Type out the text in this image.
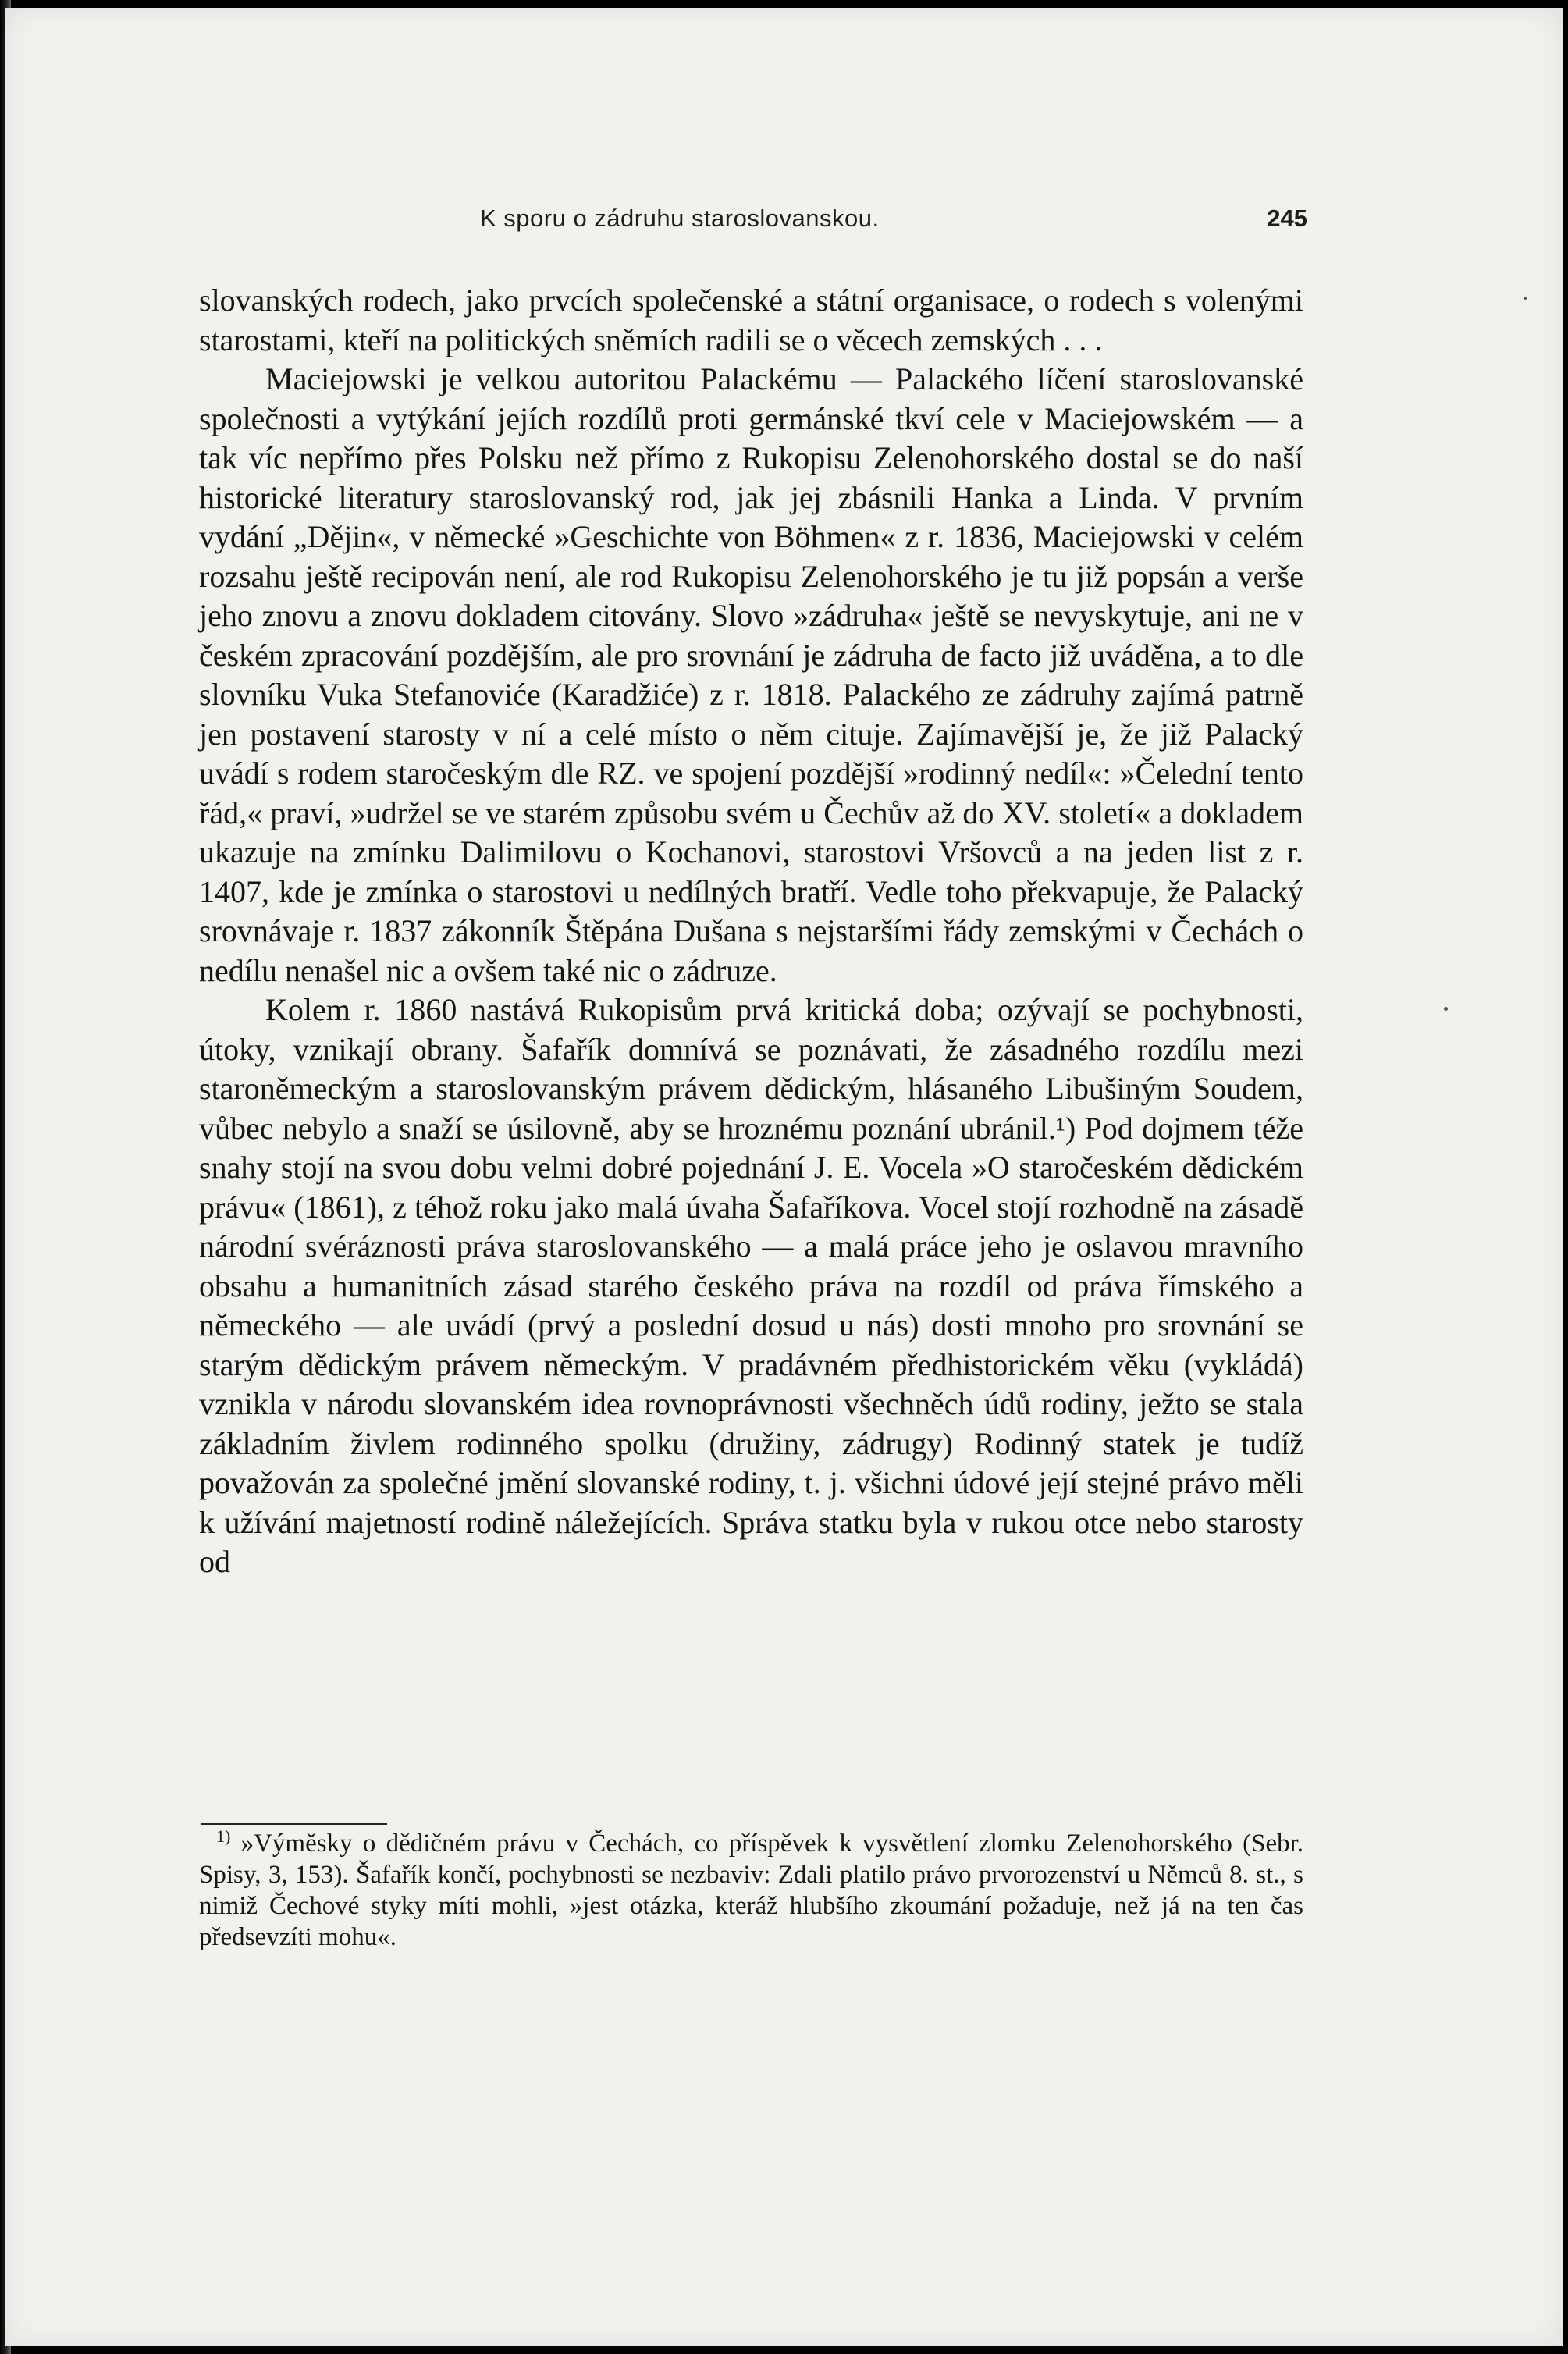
K sporu o zádruhu staroslovanskou.	245

slovanských rodech, jako prvcích společenské a státní organisace, o rodech s volenými starostami, kteří na politických sněmích radili se o věcech zemských . . .

Maciejowski je velkou autoritou Palackému — Palackého líčení staroslovanské společnosti a vytýkání jejích rozdílů proti germánské tkví cele v Maciejowském — a tak víc nepřímo přes Polsku než přímo z Rukopisu Zelenohorského dostal se do naší historické literatury staroslovanský rod, jak jej zbásnili Hanka a Linda. V prvním vydání „Dějin«, v německé »Geschichte von Böhmen« z r. 1836, Maciejowski v celém rozsahu ještě recipován není, ale rod Rukopisu Zelenohorského je tu již popsán a verše jeho znovu a znovu dokladem citovány. Slovo »zádruha« ještě se nevyskytuje, ani ne v českém zpracování pozdějším, ale pro srovnání je zádruha de facto již uváděna, a to dle slovníku Vuka Stefanoviće (Karadžiće) z r. 1818. Palackého ze zádruhy zajímá patrně jen postavení starosty v ní a celé místo o něm cituje. Zajímavější je, že již Palacký uvádí s rodem staročeským dle RZ. ve spojení pozdější »rodinný nedíl«: »Čelední tento řád,« praví, »udržel se ve starém způsobu svém u Čechův až do XV. století« a dokladem ukazuje na zmínku Dalimilovu o Kochanovi, starostovi Vršovců a na jeden list z r. 1407, kde je zmínka o starostovi u nedílných bratří. Vedle toho překvapuje, že Palacký srovnávaje r. 1837 zákonník Štěpána Dušana s nejstaršími řády zemskými v Čechách o nedílu nenašel nic a ovšem také nic o zádruze.

Kolem r. 1860 nastává Rukopisům prvá kritická doba; ozývají se pochybnosti, útoky, vznikají obrany. Šafařík domnívá se poznávati, že zásadného rozdílu mezi staroněmeckým a staroslovanským právem dědickým, hlásaného Libušiným Soudem, vůbec nebylo a snaží se úsilovně, aby se hroznému poznání ubránil.¹) Pod dojmem téže snahy stojí na svou dobu velmi dobré pojednání J. E. Vocela »O staročeském dědickém právu« (1861), z téhož roku jako malá úvaha Šafaříkova. Vocel stojí rozhodně na zásadě národní svéráznosti práva staroslovanského — a malá práce jeho je oslavou mravního obsahu a humanitních zásad starého českého práva na rozdíl od práva římského a německého — ale uvádí (prvý a poslední dosud u nás) dosti mnoho pro srovnání se starým dědickým právem německým. V pradávném předhistorickém věku (vykládá) vznikla v národu slovanském idea rovnoprávnosti všechněch údů rodiny, ježto se stala základním živlem rodinného spolku (družiny, zádrugy) Rodinný statek je tudíž považován za společné jmění slovanské rodiny, t. j. všichni údové její stejné právo měli k užívání majetností rodině náležejících. Správa statku byla v rukou otce nebo starosty od

$^{1)}$ »Výměsky o dědičném právu v Čechách, co příspěvek k vysvětlení zlomku Zelenohorského (Sebr. Spisy, 3, 153). Šafařík končí, pochybnosti se nezbaviv: Zdali platilo právo prvorozenství u Němců 8. st., s nimiž Čechové styky míti mohli, »jest otázka, kteráž hlubšího zkoumání požaduje, než já na ten čas předsevzíti mohu«.
